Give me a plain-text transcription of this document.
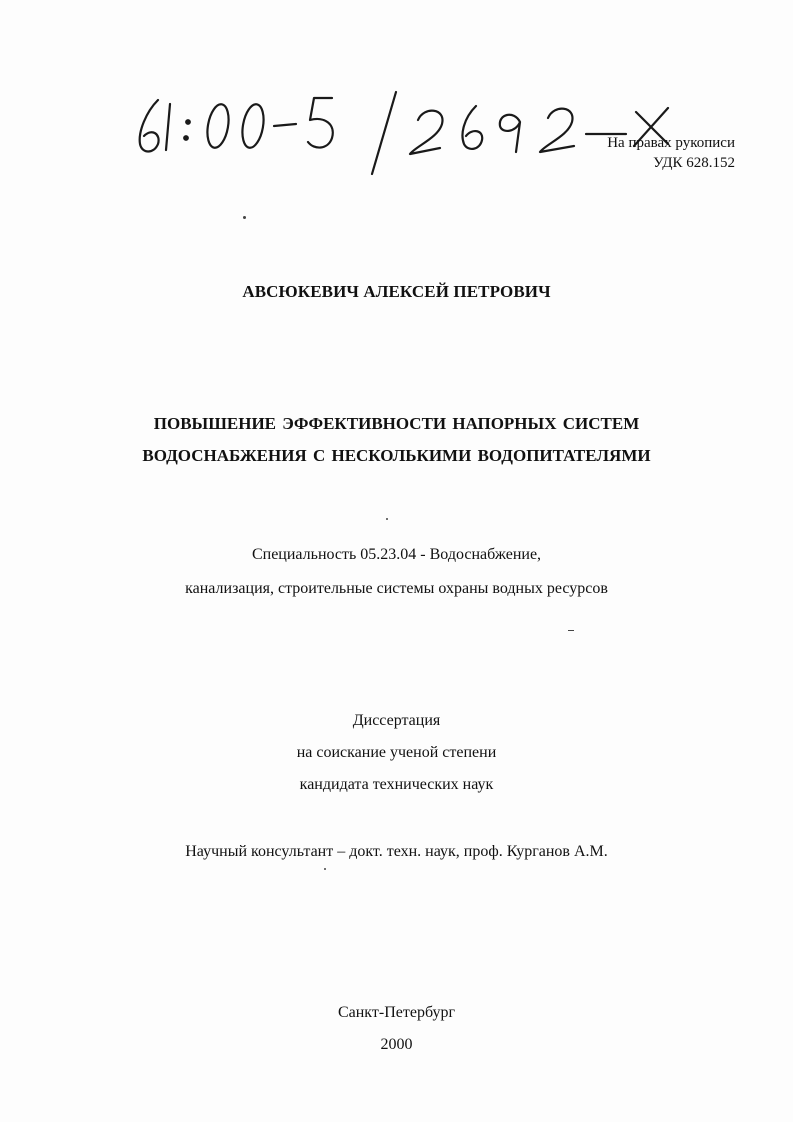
На правах рукописи
УДК 628.152
АВСЮКЕВИЧ АЛЕКСЕЙ ПЕТРОВИЧ
ПОВЫШЕНИЕ ЭФФЕКТИВНОСТИ НАПОРНЫХ СИСТЕМ
ВОДОСНАБЖЕНИЯ С НЕСКОЛЬКИМИ ВОДОПИТАТЕЛЯМИ
Специальность 05.23.04 - Водоснабжение,
канализация, строительные системы охраны водных ресурсов
Диссертация
на соискание ученой степени
кандидата технических наук
Научный консультант – докт. техн. наук, проф. Курганов А.М.
Санкт-Петербург
2000
